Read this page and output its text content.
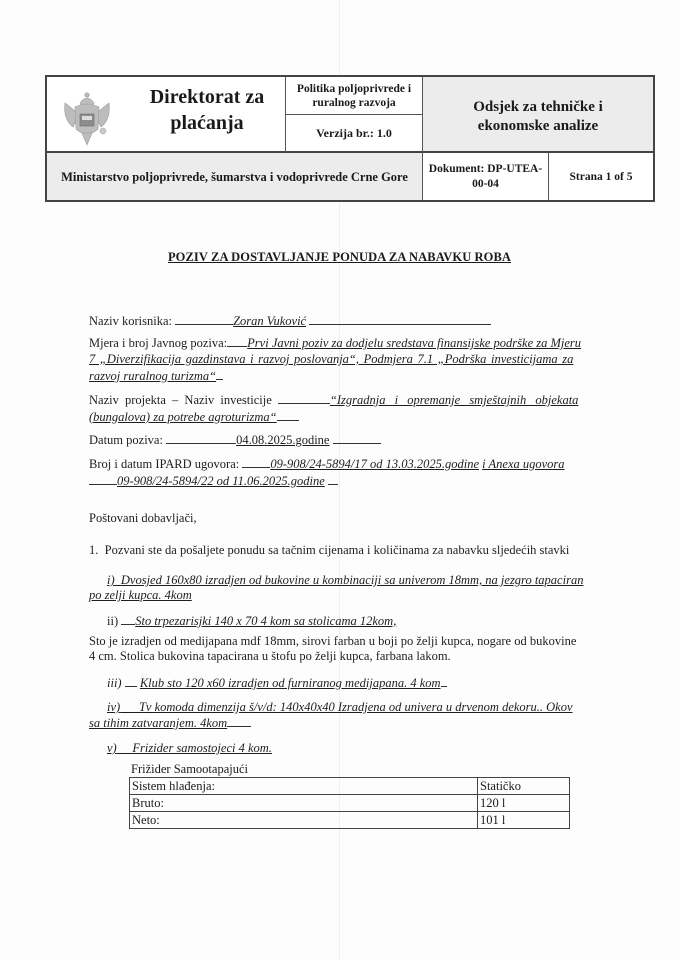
Direktorat za
plaćanja
Politika poljoprivrede i ruralnog razvoja
Verzija br.: 1.0
Odsjek za tehničke i
ekonomske analize
Ministarstvo poljoprivrede, šumarstva i vodoprivrede Crne Gore
Dokument: DP-UTEA-00-04
Strana 1 of 5
POZIV ZA DOSTAVLJANJE PONUDA ZA NABAVKU ROBA
Naziv korisnika:	Zoran Vuković
Mjera i broj Javnog poziva: Prvi Javni poziv za dodjelu sredstava finansijske podrške za Mjeru
7 „Diverzifikacija gazdinstava i razvoj poslovanja“, Podmjera 7.1 „Podrška investicijama za
razvoj ruralnog turizma“
Naziv projekta – Naziv investicije	“Izgradnja i opremanje smještajnih objekata
(bungalova) za potrebe agroturizma“
Datum poziva:	04.08.2025.godine
Broj i datum IPARD ugovora: 09-908/24-5894/17 od 13.03.2025.godine i Anexa ugovora
09-908/24-5894/22 od 11.06.2025.godine
Poštovani dobavljači,
1. Pozvani ste da pošaljete ponudu sa tačnim cijenama i količinama za nabavku sljedećih stavki
i) Dvosjed 160x80 izradjen od bukovine u kombinaciji sa univerom 18mm, na jezgro tapaciran
po zelji kupca. 4kom
ii) Sto trpezarisjki 140 x 70 4 kom sa stolicama 12kom,
Sto je izradjen od medijapana mdf 18mm, sirovi farban u boji po želji kupca, nogare od bukovine
4 cm. Stolica bukovina tapacirana u štofu po želji kupca, farbana lakom.
iii) Klub sto 120 x60 izradjen od furniranog medijapana. 4 kom
iv) Tv komoda dimenzija š/v/d: 140x40x40 Izradjena od univera u drvenom dekoru.. Okov
sa tihim zatvaranjem. 4kom
v) Frizider samostojeci 4 kom.
Frižider Samootapajući
Sistem hlađenja:	Statičko
Bruto:	120 l
Neto:	101 l
